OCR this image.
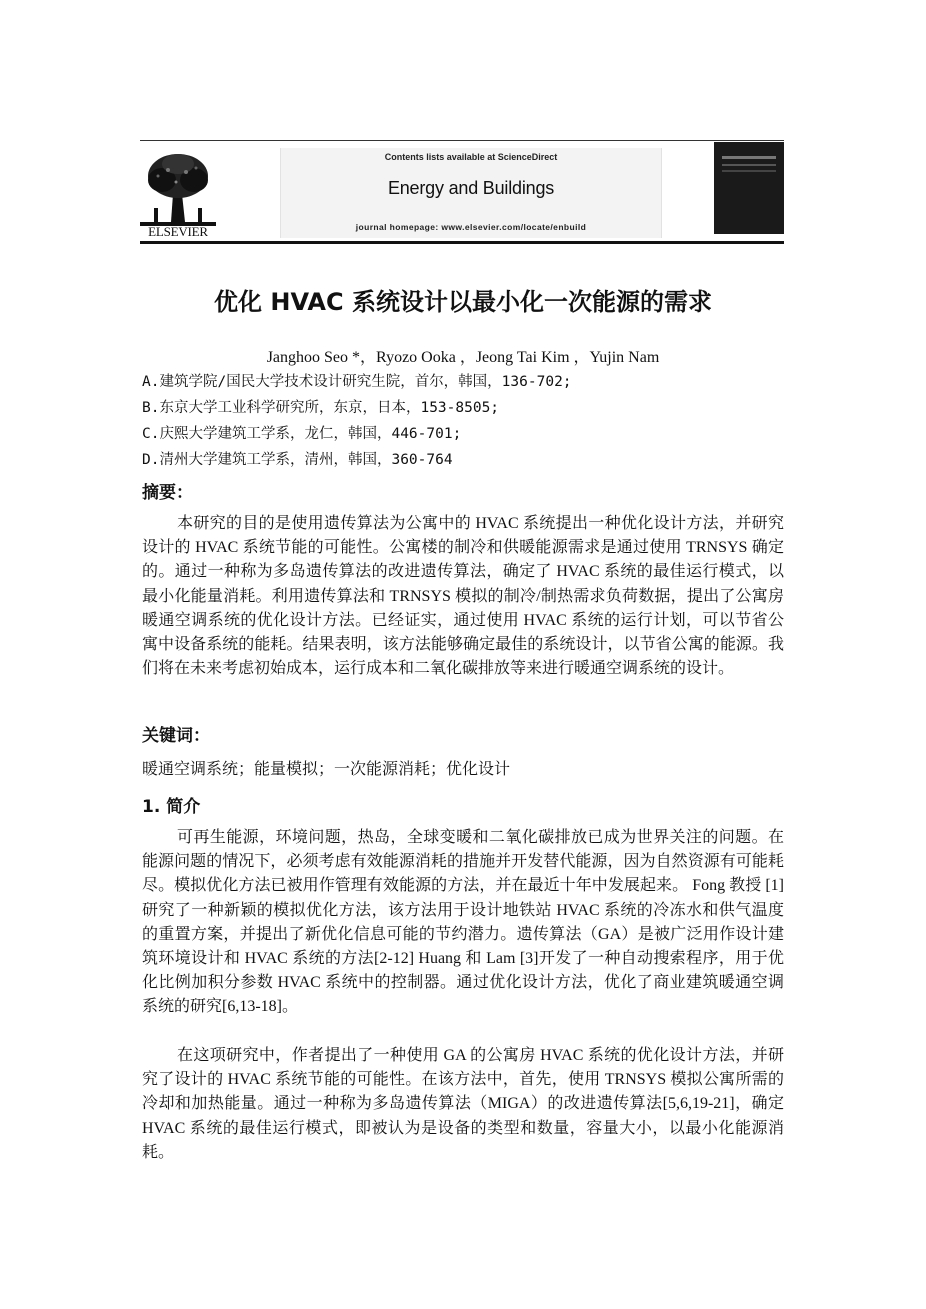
ELSEVIER
Contents lists available at ScienceDirect
Energy and Buildings
journal homepage: www.elsevier.com/locate/enbuild
优化 HVAC 系统设计以最小化一次能源的需求
Janghoo Seo *，Ryozo Ooka ，Jeong Tai Kim ，Yujin Nam
A.建筑学院/国民大学技术设计研究生院，首尔，韩国，136-702;
B.东京大学工业科学研究所，东京，日本，153-8505;
C.庆熙大学建筑工学系，龙仁，韩国，446-701;
D.清州大学建筑工学系，清州，韩国，360-764
摘要：

本研究的目的是使用遗传算法为公寓中的 HVAC 系统提出一种优化设计方法，并研究设计的 HVAC 系统节能的可能性。公寓楼的制冷和供暖能源需求是通过使用 TRNSYS 确定的。通过一种称为多岛遗传算法的改进遗传算法，确定了 HVAC 系统的最佳运行模式，以最小化能量消耗。利用遗传算法和 TRNSYS 模拟的制冷/制热需求负荷数据，提出了公寓房暖通空调系统的优化设计方法。已经证实，通过使用 HVAC 系统的运行计划，可以节省公寓中设备系统的能耗。结果表明，该方法能够确定最佳的系统设计，以节省公寓的能源。我们将在未来考虑初始成本，运行成本和二氧化碳排放等来进行暖通空调系统的设计。

关键词：
暖通空调系统；能量模拟；一次能源消耗；优化设计
1. 简介

可再生能源，环境问题，热岛，全球变暖和二氧化碳排放已成为世界关注的问题。在能源问题的情况下，必须考虑有效能源消耗的措施并开发替代能源，因为自然资源有可能耗尽。模拟优化方法已被用作管理有效能源的方法，并在最近十年中发展起来。 Fong 教授 [1]研究了一种新颖的模拟优化方法，该方法用于设计地铁站 HVAC 系统的冷冻水和供气温度的重置方案，并提出了新优化信息可能的节约潜力。遗传算法（GA）是被广泛用作设计建筑环境设计和 HVAC 系统的方法[2-12] Huang 和 Lam [3]开发了一种自动搜索程序，用于优化比例加积分参数 HVAC 系统中的控制器。通过优化设计方法，优化了商业建筑暖通空调系统的研究[6,13-18]。

在这项研究中，作者提出了一种使用 GA 的公寓房 HVAC 系统的优化设计方法，并研究了设计的 HVAC 系统节能的可能性。在该方法中，首先，使用 TRNSYS 模拟公寓所需的冷却和加热能量。通过一种称为多岛遗传算法（MIGA）的改进遗传算法[5,6,19-21]，确定 HVAC 系统的最佳运行模式，即被认为是设备的类型和数量，容量大小，以最小化能源消耗。
